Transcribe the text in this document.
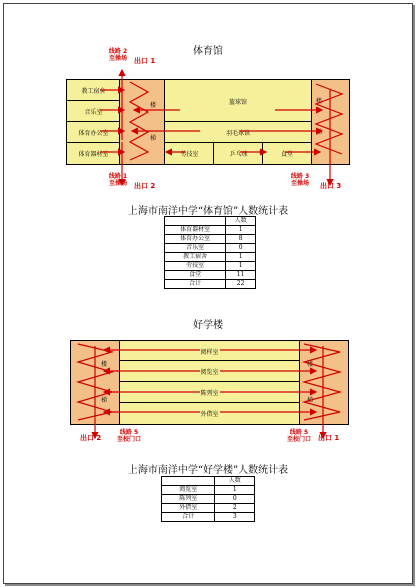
体育馆
教工宿舍
音乐室
体育办公室
体育器材室
楼
梯
楼
梯
篮球馆
羽毛球馆
劳技室	乒乓球	食堂
线路 2
至操场	出口 1
线路 1
至操场	出口 2
线路 3
至操场	出口 3
上海市南洋中学“体育馆”人数统计表
	人数
体育器材室	1
体育办公室	8
音乐室	0
教工宿舍	1
劳技室	1
食堂	11
合计	22
好学楼
楼
梯
楼
梯
阅样室
阅览室
陈列室
外借室
出口 2
线路 5
至校门口
线路 5
至校门口	出口 1
上海市南洋中学“好学楼”人数统计表
	人数
阅览室	1
陈列室	0
外借室	2
合计	3
